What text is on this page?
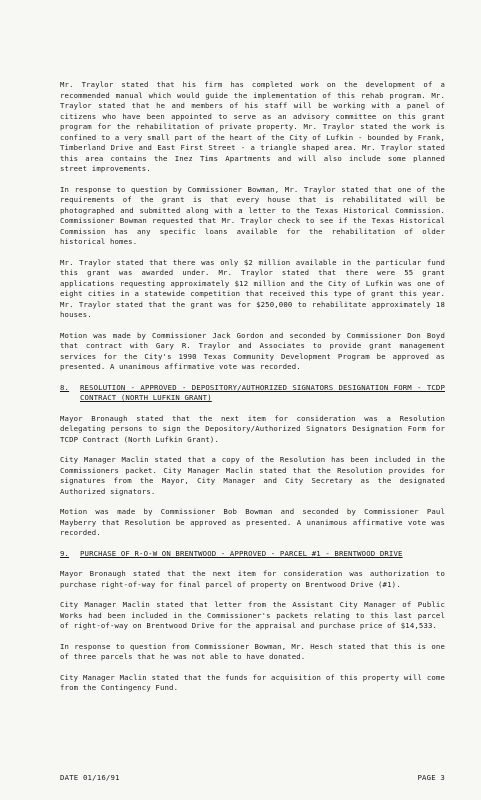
Mr. Traylor stated that his firm has completed work on the development of a recommended manual which would guide the implementation of this rehab program. Mr. Traylor stated that he and members of his staff will be working with a panel of citizens who have been appointed to serve as an advisory committee on this grant program for the rehabilitation of private property. Mr. Traylor stated the work is confined to a very small part of the heart of the City of Lufkin - bounded by Frank, Timberland Drive and East First Street - a triangle shaped area. Mr. Traylor stated this area contains the Inez Tims Apartments and will also include some planned street improvements.

In response to question by Commissioner Bowman, Mr. Traylor stated that one of the requirements of the grant is that every house that is rehabilitated will be photographed and submitted along with a letter to the Texas Historical Commission. Commissioner Bowman requested that Mr. Traylor check to see if the Texas Historical Commission has any specific loans available for the rehabilitation of older historical homes.

Mr. Traylor stated that there was only $2 million available in the particular fund this grant was awarded under. Mr. Traylor stated that there were 55 grant applications requesting approximately $12 million and the City of Lufkin was one of eight cities in a statewide competition that received this type of grant this year. Mr. Traylor stated that the grant was for $250,000 to rehabilitate approximately 18 houses.

Motion was made by Commissioner Jack Gordon and seconded by Commissioner Don Boyd that contract with Gary R. Traylor and Associates to provide grant management services for the City's 1990 Texas Community Development Program be approved as presented. A unanimous affirmative vote was recorded.

8.	RESOLUTION - APPROVED - DEPOSITORY/AUTHORIZED SIGNATORS DESIGNATION FORM - TCDP CONTRACT (NORTH LUFKIN GRANT)

Mayor Bronaugh stated that the next item for consideration was a Resolution delegating persons to sign the Depository/Authorized Signators Designation Form for TCDP Contract (North Lufkin Grant).

City Manager Maclin stated that a copy of the Resolution has been included in the Commissioners packet. City Manager Maclin stated that the Resolution provides for signatures from the Mayor, City Manager and City Secretary as the designated Authorized signators.

Motion was made by Commissioner Bob Bowman and seconded by Commissioner Paul Mayberry that Resolution be approved as presented. A unanimous affirmative vote was recorded.

9.	PURCHASE OF R-O-W ON BRENTWOOD - APPROVED - PARCEL #1 - BRENTWOOD DRIVE

Mayor Bronaugh stated that the next item for consideration was authorization to purchase right-of-way for final parcel of property on Brentwood Drive (#1).

City Manager Maclin stated that letter from the Assistant City Manager of Public Works had been included in the Commissioner's packets relating to this last parcel of right-of-way on Brentwood Drive for the appraisal and purchase price of $14,533.

In response to question from Commissioner Bowman, Mr. Hesch stated that this is one of three parcels that he was not able to have donated.

City Manager Maclin stated that the funds for acquisition of this property will come from the Contingency Fund.

DATE 01/16/91	PAGE 3
